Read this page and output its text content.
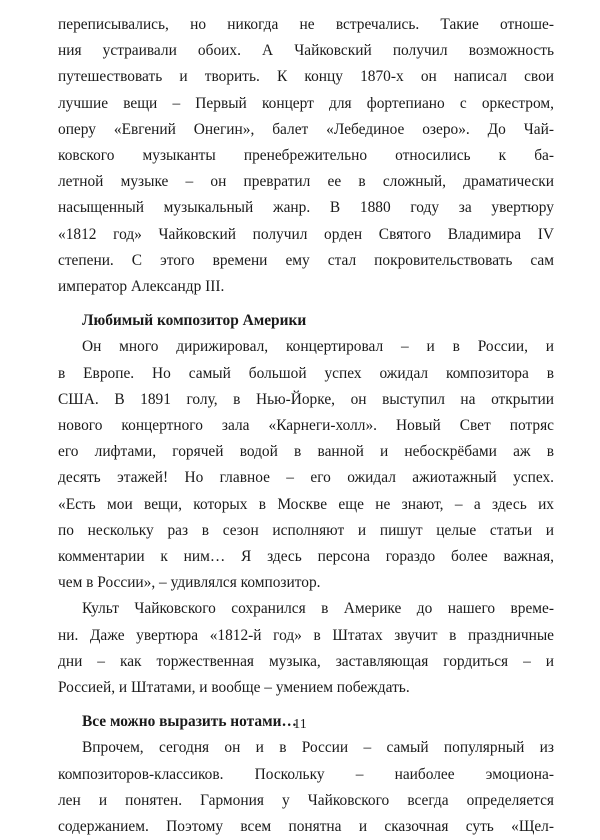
переписывались, но никогда не встречались. Такие отноше-
ния устраивали обоих. А Чайковский получил возможность
путешествовать и творить. К концу 1870-х он написал свои
лучшие вещи – Первый концерт для фортепиано с оркестром,
оперу «Евгений Онегин», балет «Лебединое озеро». До Чай-
ковского музыканты пренебрежительно относились к ба-
летной музыке – он превратил ее в сложный, драматически
насыщенный музыкальный жанр. В 1880 году за увертюру
«1812 год» Чайковский получил орден Святого Владимира IV
степени. С этого времени ему стал покровительствовать сам
император Александр III.
Любимый композитор Америки
Он много дирижировал, концертировал – и в России, и
в Европе. Но самый большой успех ожидал композитора в
США. В 1891 голу, в Нью-Йорке, он выступил на открытии
нового концертного зала «Карнеги-холл». Новый Свет потряс
его лифтами, горячей водой в ванной и небоскрёбами аж в
десять этажей! Но главное – его ожидал ажиотажный успех.
«Есть мои вещи, которых в Москве еще не знают, – а здесь их
по нескольку раз в сезон исполняют и пишут целые статьи и
комментарии к ним… Я здесь персона гораздо более важная,
чем в России», – удивлялся композитор.
Культ Чайковского сохранился в Америке до нашего време-
ни. Даже увертюра «1812-й год» в Штатах звучит в праздничные
дни – как торжественная музыка, заставляющая гордиться – и
Россией, и Штатами, и вообще – умением побеждать.
Все можно выразить нотами…
Впрочем, сегодня он и в России – самый популярный из
композиторов-классиков. Поскольку – наиболее эмоциона-
лен и понятен. Гармония у Чайковского всегда определяется
содержанием. Поэтому всем понятна и сказочная суть «Щел-
11
